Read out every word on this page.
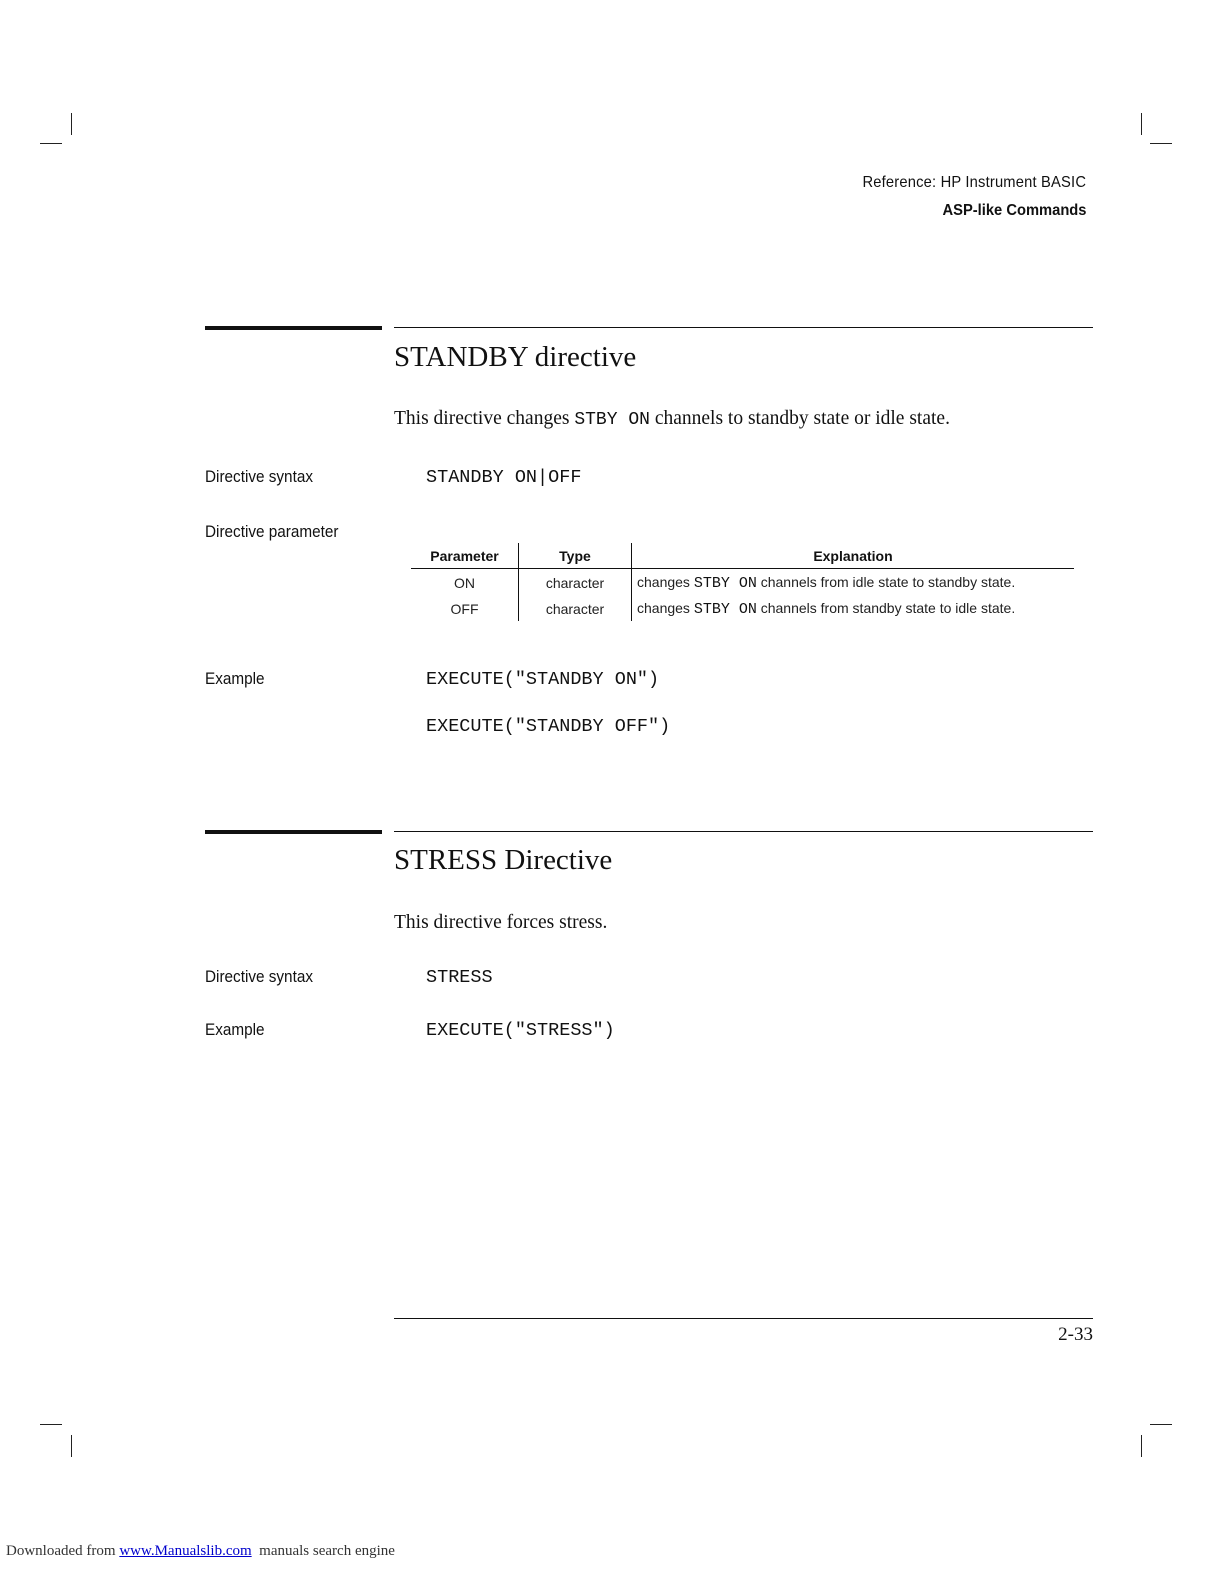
Reference: HP Instrument BASIC
ASP-like Commands
STANDBY directive
This directive changes STBY ON channels to standby state or idle state.
Directive syntax	STANDBY ON|OFF
Directive parameter
Parameter	Type	Explanation
ON	character	changes STBY ON channels from idle state to standby state.
OFF	character	changes STBY ON channels from standby state to idle state.
Example	EXECUTE("STANDBY ON")
EXECUTE("STANDBY OFF")
STRESS Directive
This directive forces stress.
Directive syntax	STRESS
Example	EXECUTE("STRESS")
2-33
Downloaded from www.Manualslib.com  manuals search engine
